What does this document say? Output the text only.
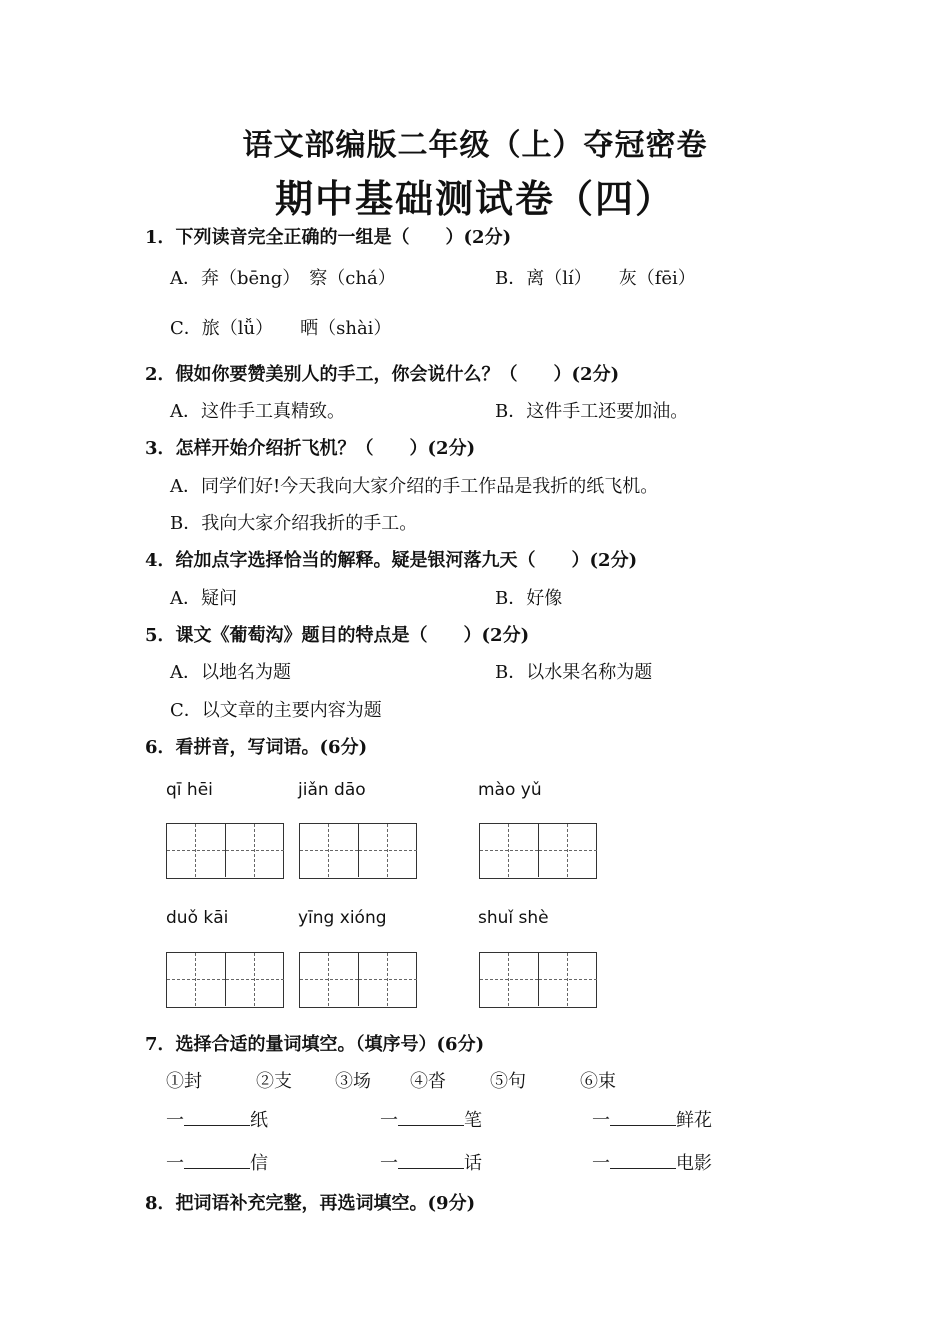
语文部编版二年级（上）夺冠密卷
期中基础测试卷（四）
1．下列读音完全正确的一组是（　　）(2分)
A．奔（bēng）　察（chá）	B．离（lí）　　灰（fēi）
C．旅（lǚ）　　晒（shài）
2．假如你要赞美别人的手工，你会说什么？（　　）(2分)
A．这件手工真精致。	B．这件手工还要加油。
3．怎样开始介绍折飞机？（　　）(2分)
A．同学们好!今天我向大家介绍的手工作品是我折的纸飞机。
B．我向大家介绍我折的手工。
4．给加点字选择恰当的解释。疑是银河落九天（　　）(2分)
A．疑问	B．好像
5．课文《葡萄沟》题目的特点是（　　）(2分)
A．以地名为题	B．以水果名称为题
C．以文章的主要内容为题
6．看拼音，写词语。(6分)
qī hēi	jiǎn dāo	mào yǔ
duǒ kāi	yīng xióng	shuǐ shè
7．选择合适的量词填空。（填序号）(6分)
①封	②支 ③场 ④沓 ⑤句	⑥束
一	纸	一	笔	一	鲜花
一	信	一	话	一	电影
8．把词语补充完整，再选词填空。(9分)
